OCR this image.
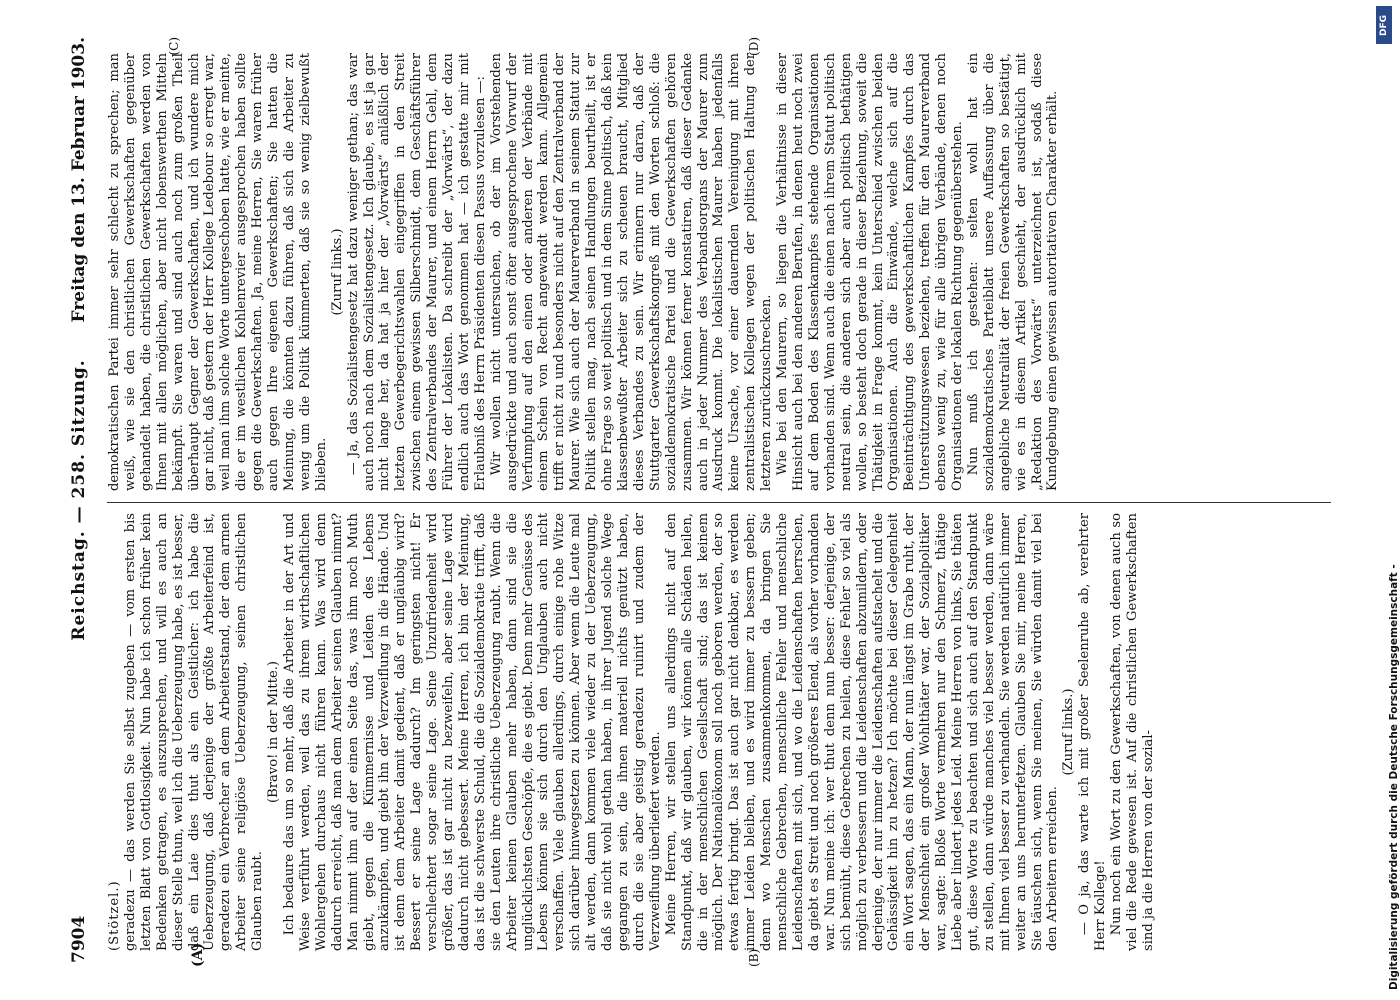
7904
Reichstag. — 258. Sitzung.
Freitag den 13. Februar 1903.
(A)	(B)

(Stötzel.) geradezu — das werden Sie selbst zugeben — vom ersten bis letzten Blatt von Gottlosigkeit. Nun habe ich schon früher kein Bedenken getragen, es auszusprechen, und will es auch an dieser Stelle thun, weil ich die Ueberzeugung habe, es ist besser, daß ein Laie dies thut als ein Geistlicher: ich habe die Ueberzeugung, daß derjenige der größte Arbeiterfeind ist, geradezu ein Verbrecher an dem Arbeiterstand, der dem armen Arbeiter seine religiöse Ueberzeugung, seinen christlichen Glauben raubt.

(Bravo! in der Mitte.) Ich bedaure das um so mehr, daß die Arbeiter in der Art und Weise verführt werden, weil das zu ihrem wirthschaftlichen Wohlergehen durchaus nicht führen kann. Was wird denn dadurch erreicht, daß man dem Arbeiter seinen Glauben nimmt? Man nimmt ihm auf der einen Seite das, was ihm noch Muth giebt, gegen die Kümmernisse und Leiden des Lebens anzukämpfen, und giebt ihn der Verzweiflung in die Hände. Und ist denn dem Arbeiter damit gedient, daß er ungläubig wird? Bessert er seine Lage dadurch? Im geringsten nicht! Er verschlechtert sogar seine Lage. Seine Unzufriedenheit wird größer, das ist gar nicht zu bezweifeln, aber seine Lage wird dadurch nicht gebessert. Meine Herren, ich bin der Meinung, das ist die schwerste Schuld, die die Sozialdemokratie trifft, daß sie den Leuten ihre christliche Ueberzeugung raubt. Wenn die Arbeiter keinen Glauben mehr haben, dann sind sie die unglücklichsten Geschöpfe, die es giebt. Denn mehr Genüsse des Lebens können sie sich durch den Unglauben auch nicht verschaffen. Viele glauben allerdings, durch einige rohe Witze sich darüber hinwegsetzen zu können. Aber wenn die Leute mal alt werden, dann kommen viele wieder zu der Ueberzeugung, daß sie nicht wohl gethan haben, in ihrer Jugend solche Wege gegangen zu sein, die ihnen materiell nichts genützt haben, durch die sie aber geistig geradezu ruinirt und zudem der Verzweiflung überliefert werden. Meine Herren, wir stellen uns allerdings nicht auf den Standpunkt, daß wir glauben, wir können alle Schäden heilen, die in der menschlichen Gesellschaft sind; das ist keinem möglich. Der Nationalökonom soll noch geboren werden, der so etwas fertig bringt. Das ist auch gar nicht denkbar, es werden immer Leiden bleiben, und es wird immer zu bessern geben; denn wo Menschen zusammenkommen, da bringen Sie menschliche Gebrechen, menschliche Fehler und menschliche Leidenschaften mit sich, und wo die Leidenschaften herrschen, da giebt es Streit und noch größeres Elend, als vorher vorhanden war. Nun meine ich: wer thut denn nun besser: derjenige, der sich bemüht, diese Gebrechen zu heilen, diese Fehler so viel als möglich zu verbessern und die Leidenschaften abzumildern, oder derjenige, der nur immer die Leidenschaften aufstachelt und die Gehässigkeit hin zu hetzen? Ich möchte bei dieser Gelegenheit ein Wort sagen, das ein Mann, der nun längst im Grabe ruht, der der Menschheit ein großer Wohlthäter war, der Sozialpolitiker war, sagte: Bloße Worte vermehren nur den Schmerz, thätige Liebe aber lindert jedes Leid. Meine Herren von links, Sie thäten gut, diese Worte zu beachten und sich auch auf den Standpunkt zu stellen, dann würde manches viel besser werden, dann wäre mit Ihnen viel besser zu verhandeln. Sie werden natürlich immer weiter an uns herunterfetzen. Glauben Sie mir, meine Herren, Sie täuschen sich, wenn Sie meinen, Sie würden damit viel bei den Arbeitern erreichen.

(Zuruf links.) — O ja, das warte ich mit großer Seelenruhe ab, verehrter Herr Kollege! Nun noch ein Wort zu den Gewerkschaften, von denen auch so viel die Rede gewesen ist. Auf die christlichen Gewerkschaften sind ja die Herren von der sozial-

(C)	(D)

demokratischen Partei immer sehr schlecht zu sprechen; man weiß, wie sie den christlichen Gewerkschaften gegenüber gehandelt haben, die christlichen Gewerkschaften werden von Ihnen mit allen möglichen, aber nicht lobenswerthen Mitteln bekämpft. Sie waren und sind auch noch zum großen Theil überhaupt Gegner der Gewerkschaften, und ich wundere mich gar nicht, daß gestern der Herr Kollege Ledebour so erregt war, weil man ihm solche Worte untergeschoben hatte, wie er meinte, die er im westlichen Kohlenrevier ausgesprochen haben sollte gegen die Gewerkschaften. Ja, meine Herren, Sie waren früher auch gegen Ihre eigenen Gewerkschaften; Sie hatten die Meinung, die könnten dazu führen, daß sich die Arbeiter zu wenig um die Politik kümmerten, daß sie so wenig zielbewußt blieben.

(Zuruf links.) — Ja, das Sozialistengesetz hat dazu weniger gethan; das war auch noch nach dem Sozialistengesetz. Ich glaube, es ist ja gar nicht lange her, da hat ja hier der „Vorwärts“ anläßlich der letzten Gewerbegerichtswahlen eingegriffen in den Streit zwischen einem gewissen Silberschmidt, dem Geschäftsführer des Zentralverbandes der Maurer, und einem Herrn Gehl, dem Führer der Lokalisten. Da schreibt der „Vorwärts“, der dazu endlich auch das Wort genommen hat — ich gestatte mir mit Erlaubniß des Herrn Präsidenten diesen Passus vorzulesen —: Wir wollen nicht untersuchen, ob der im Vorstehenden ausgedrückte und auch sonst öfter ausgesprochene Vorwurf der Verfumpfung auf den einen oder anderen der Verbände mit einem Schein von Recht angewandt werden kann. Allgemein trifft er nicht zu und besonders nicht auf den Zentralverband der Maurer. Wie sich auch der Maurerverband in seinem Statut zur Politik stellen mag, nach seinen Handlungen beurtheilt, ist er ohne Frage so weit politisch und in dem Sinne politisch, daß kein klassenbewußter Arbeiter sich zu scheuen braucht, Mitglied dieses Verbandes zu sein. Wir erinnern nur daran, daß der Stuttgarter Gewerkschaftskongreß mit den Worten schloß: die sozialdemokratische Partei und die Gewerkschaften gehören zusammen. Wir können ferner konstatiren, daß dieser Gedanke auch in jeder Nummer des Verbandsorgans der Maurer zum Ausdruck kommt. Die lokalistischen Maurer haben jedenfalls keine Ursache, vor einer dauernden Vereinigung mit ihren zentralistischen Kollegen wegen der politischen Haltung der letzteren zurückzuschrecken. Wie bei den Maurern, so liegen die Verhältnisse in dieser Hinsicht auch bei den anderen Berufen, in denen heut noch zwei auf dem Boden des Klassenkampfes stehende Organisationen vorhanden sind. Wenn auch die einen nach ihrem Statut politisch neutral sein, die anderen sich aber auch politisch bethätigen wollen, so besteht doch gerade in dieser Beziehung, soweit die Thätigkeit in Frage kommt, kein Unterschied zwischen beiden Organisationen. Auch die Einwände, welche sich auf die Beeinträchtigung des gewerkschaftlichen Kampfes durch das Unterstützungswesen beziehen, treffen für den Maurerverband ebenso wenig zu, wie für alle übrigen Verbände, denen noch Organisationen der lokalen Richtung gegenüberstehen. Nun muß ich gestehen: selten wohl hat ein sozialdemokratisches Parteiblatt unsere Auffassung über die angebliche Neutralität der freien Gewerkschaften so bestätigt, wie es in diesem Artikel geschieht, der ausdrücklich mit „Redaktion des Vorwärts“ unterzeichnet ist, sodaß diese Kundgebung einen gewissen autoritativen Charakter erhält.

Digitalisierung gefördert durch die Deutsche Forschungsgemeinschaft -
DFG
